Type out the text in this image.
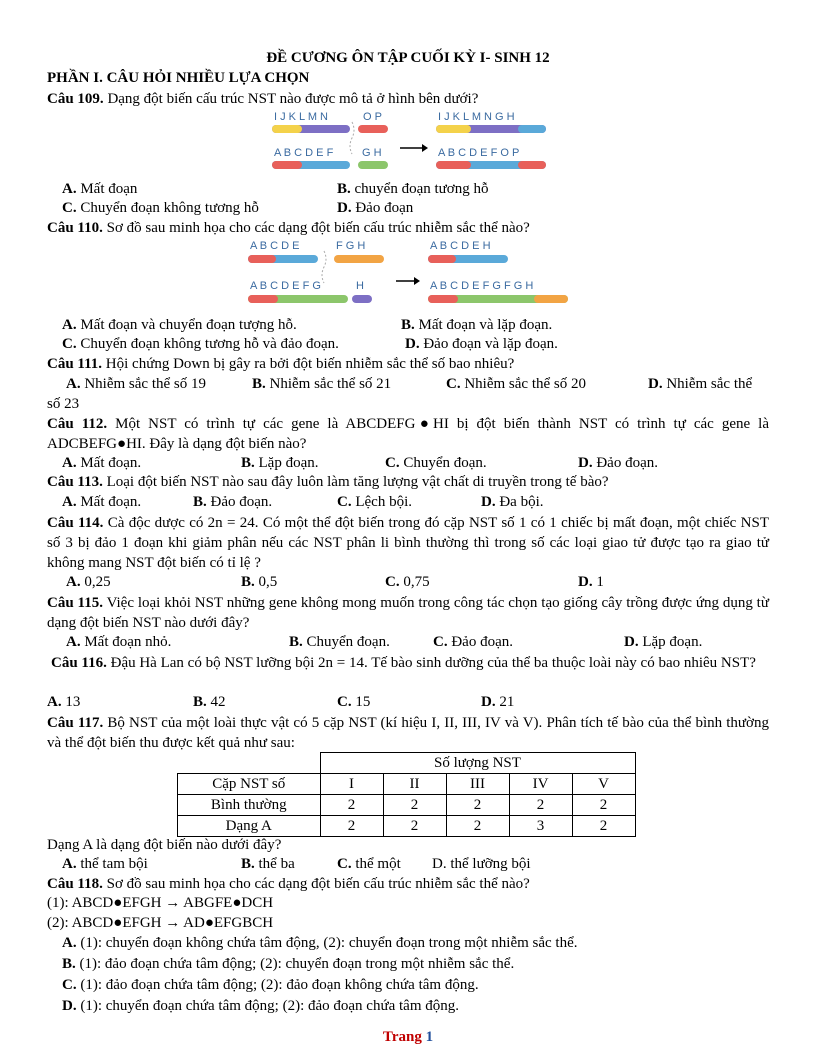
ĐỀ CƯƠNG ÔN TẬP CUỐI KỲ I- SINH 12
PHẦN I. CÂU HỎI NHIỀU LỰA CHỌN
Câu 109. Dạng đột biến cấu trúc NST nào được mô tả ở hình bên dưới?
I J K L M N	O P	I J K L M N G H
A B C D E F	G H	A B C D E F O P
A. Mất đoạn	B. chuyển đoạn tương hỗ
C. Chuyển đoạn không tương hỗ	D. Đảo đoạn
Câu 110. Sơ đồ sau minh họa cho các dạng đột biến cấu trúc nhiễm sắc thể nào?
A B C D E	F G H	A B C D E H
A B C D E F G	H	A B C D E F G F G H
A. Mất đoạn và chuyển đoạn tượng hỗ.	B. Mất đoạn và lặp đoạn.
C. Chuyển đoạn không tương hỗ và đảo đoạn.	D. Đảo đoạn và lặp đoạn.
Câu 111. Hội chứng Down bị gây ra bởi đột biến nhiễm sắc thể số bao nhiêu?
A. Nhiễm sắc thể số 19	B. Nhiễm sắc thể số 21	C. Nhiễm sắc thể số 20	D. Nhiễm sắc thể
số 23
Câu 112. Một NST có trình tự các gene là ABCDEFG●HI bị đột biến thành NST có trình tự các gene là ADCBEFG●HI. Đây là dạng đột biến nào?
A. Mất đoạn.	B. Lặp đoạn.	C. Chuyển đoạn.	D. Đảo đoạn.
Câu 113. Loại đột biến NST nào sau đây luôn làm tăng lượng vật chất di truyền trong tế bào?
A. Mất đoạn.	B. Đảo đoạn.	C. Lệch bội.	D. Đa bội.
Câu 114. Cà độc dược có 2n = 24. Có một thể đột biến trong đó cặp NST số 1 có 1 chiếc bị mất đoạn, một chiếc NST số 3 bị đảo 1 đoạn khi giảm phân nếu các NST phân li bình thường thì trong số các loại giao tử được tạo ra giao tử không mang NST đột biến có tỉ lệ ?
A. 0,25	B. 0,5	C. 0,75	D. 1
Câu 115. Việc loại khỏi NST những gene không mong muốn trong công tác chọn tạo giống cây trồng được ứng dụng từ dạng đột biến NST nào dưới đây?
A. Mất đoạn nhỏ.	B. Chuyển đoạn.	C. Đảo đoạn.	D. Lặp đoạn.
Câu 116. Đậu Hà Lan có bộ NST lưỡng bội 2n = 14. Tế bào sinh dưỡng của thể ba thuộc loài này có bao nhiêu NST?
A. 13	B. 42	C. 15	D. 21
Câu 117. Bộ NST của một loài thực vật có 5 cặp NST (kí hiệu I, II, III, IV và V). Phân tích tế bào của thể bình thường và thể đột biến thu được kết quả như sau:
	Số lượng NST				
Cặp NST số	I	II	III	IV	V
Bình thường	2	2	2	2	2
Dạng A	2	2	2	3	2
Dạng A là dạng đột biến nào dưới đây?
A. thể tam bội	B. thể ba	C. thể một D. thể lưỡng bội
Câu 118. Sơ đồ sau minh họa cho các dạng đột biến cấu trúc nhiễm sắc thể nào?
(1): ABCD●EFGH → ABGFE●DCH
(2): ABCD●EFGH → AD●EFGBCH
A. (1): chuyển đoạn không chứa tâm động, (2): chuyển đoạn trong một nhiễm sắc thể.
B. (1): đảo đoạn chứa tâm động; (2): chuyển đoạn trong một nhiễm sắc thể.
C. (1): đảo đoạn chứa tâm động; (2): đảo đoạn không chứa tâm động.
D. (1): chuyển đoạn chứa tâm động; (2): đảo đoạn chứa tâm động.
Trang 1
